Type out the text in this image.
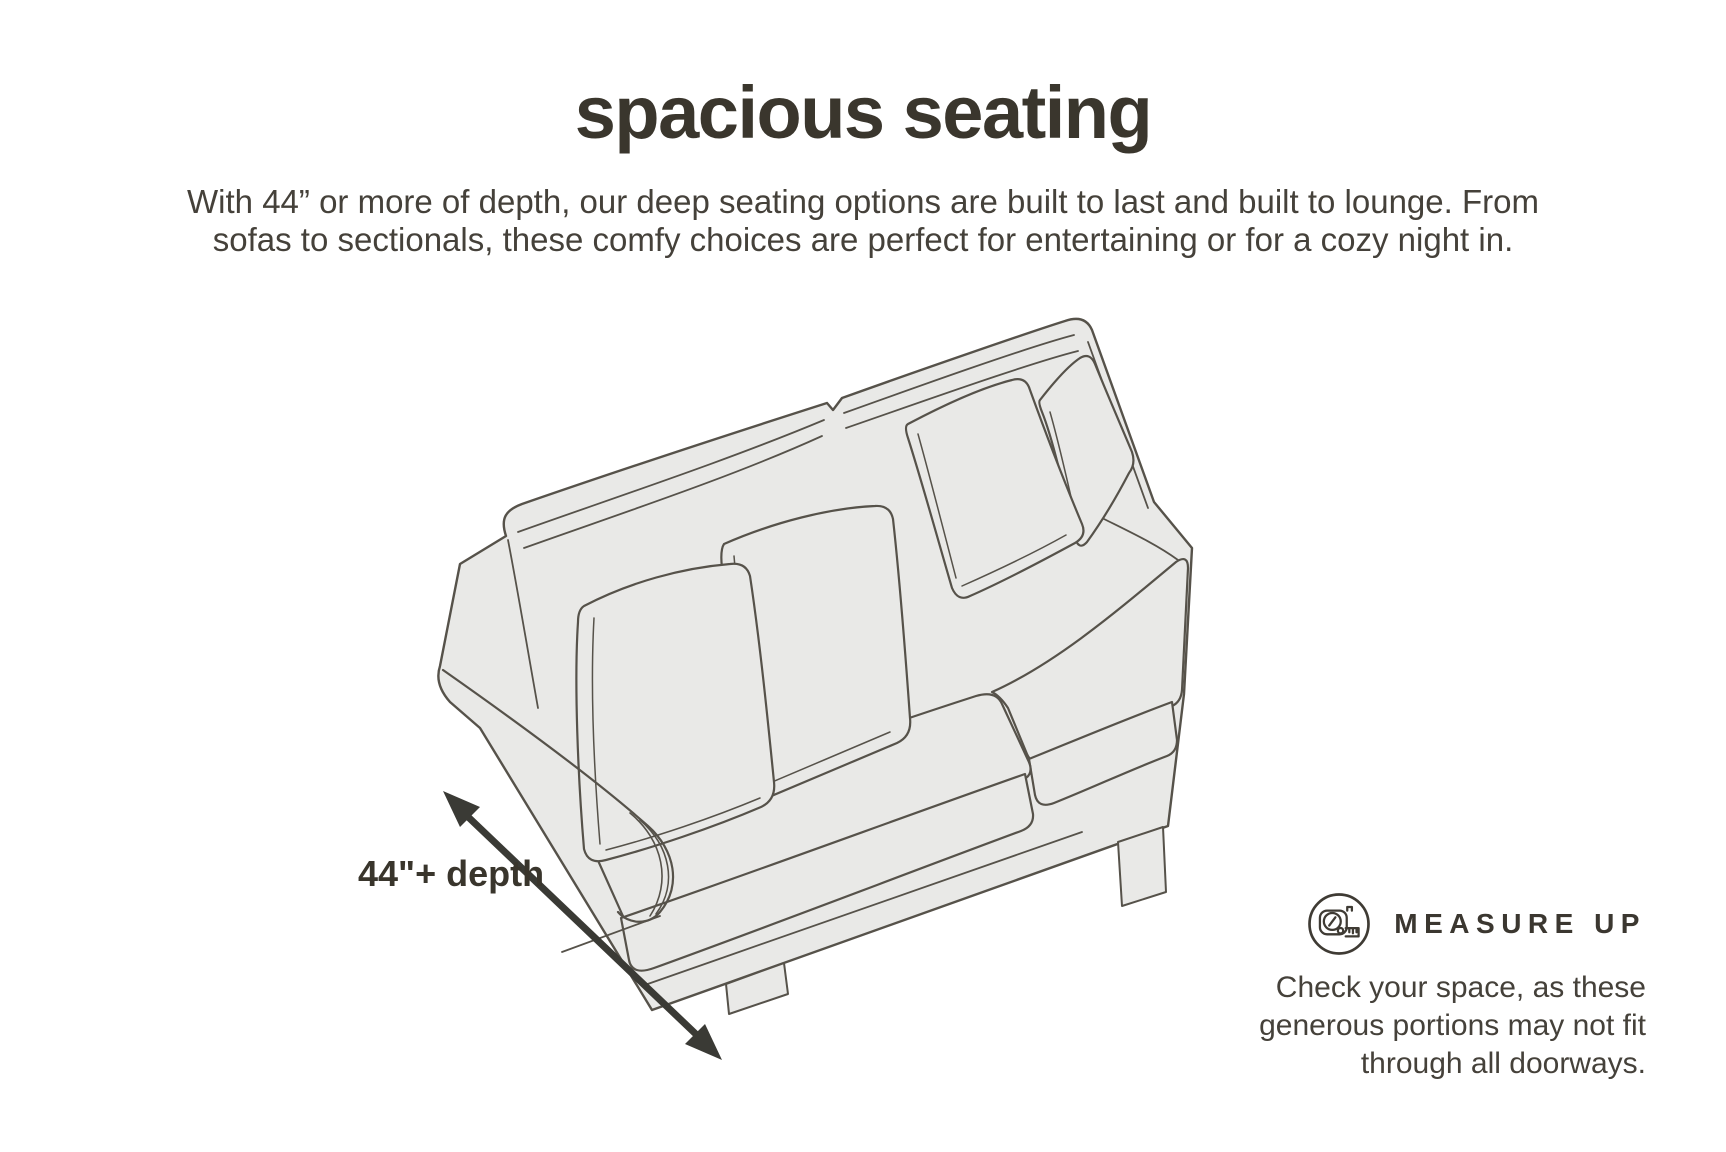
spacious seating
With 44” or more of depth, our deep seating options are built to last and built to lounge. From
sofas to sectionals, these comfy choices are perfect for entertaining or for a cozy night in.
44"+ depth
MEASURE UP
Check your space, as these
generous portions may not fit
through all doorways.
